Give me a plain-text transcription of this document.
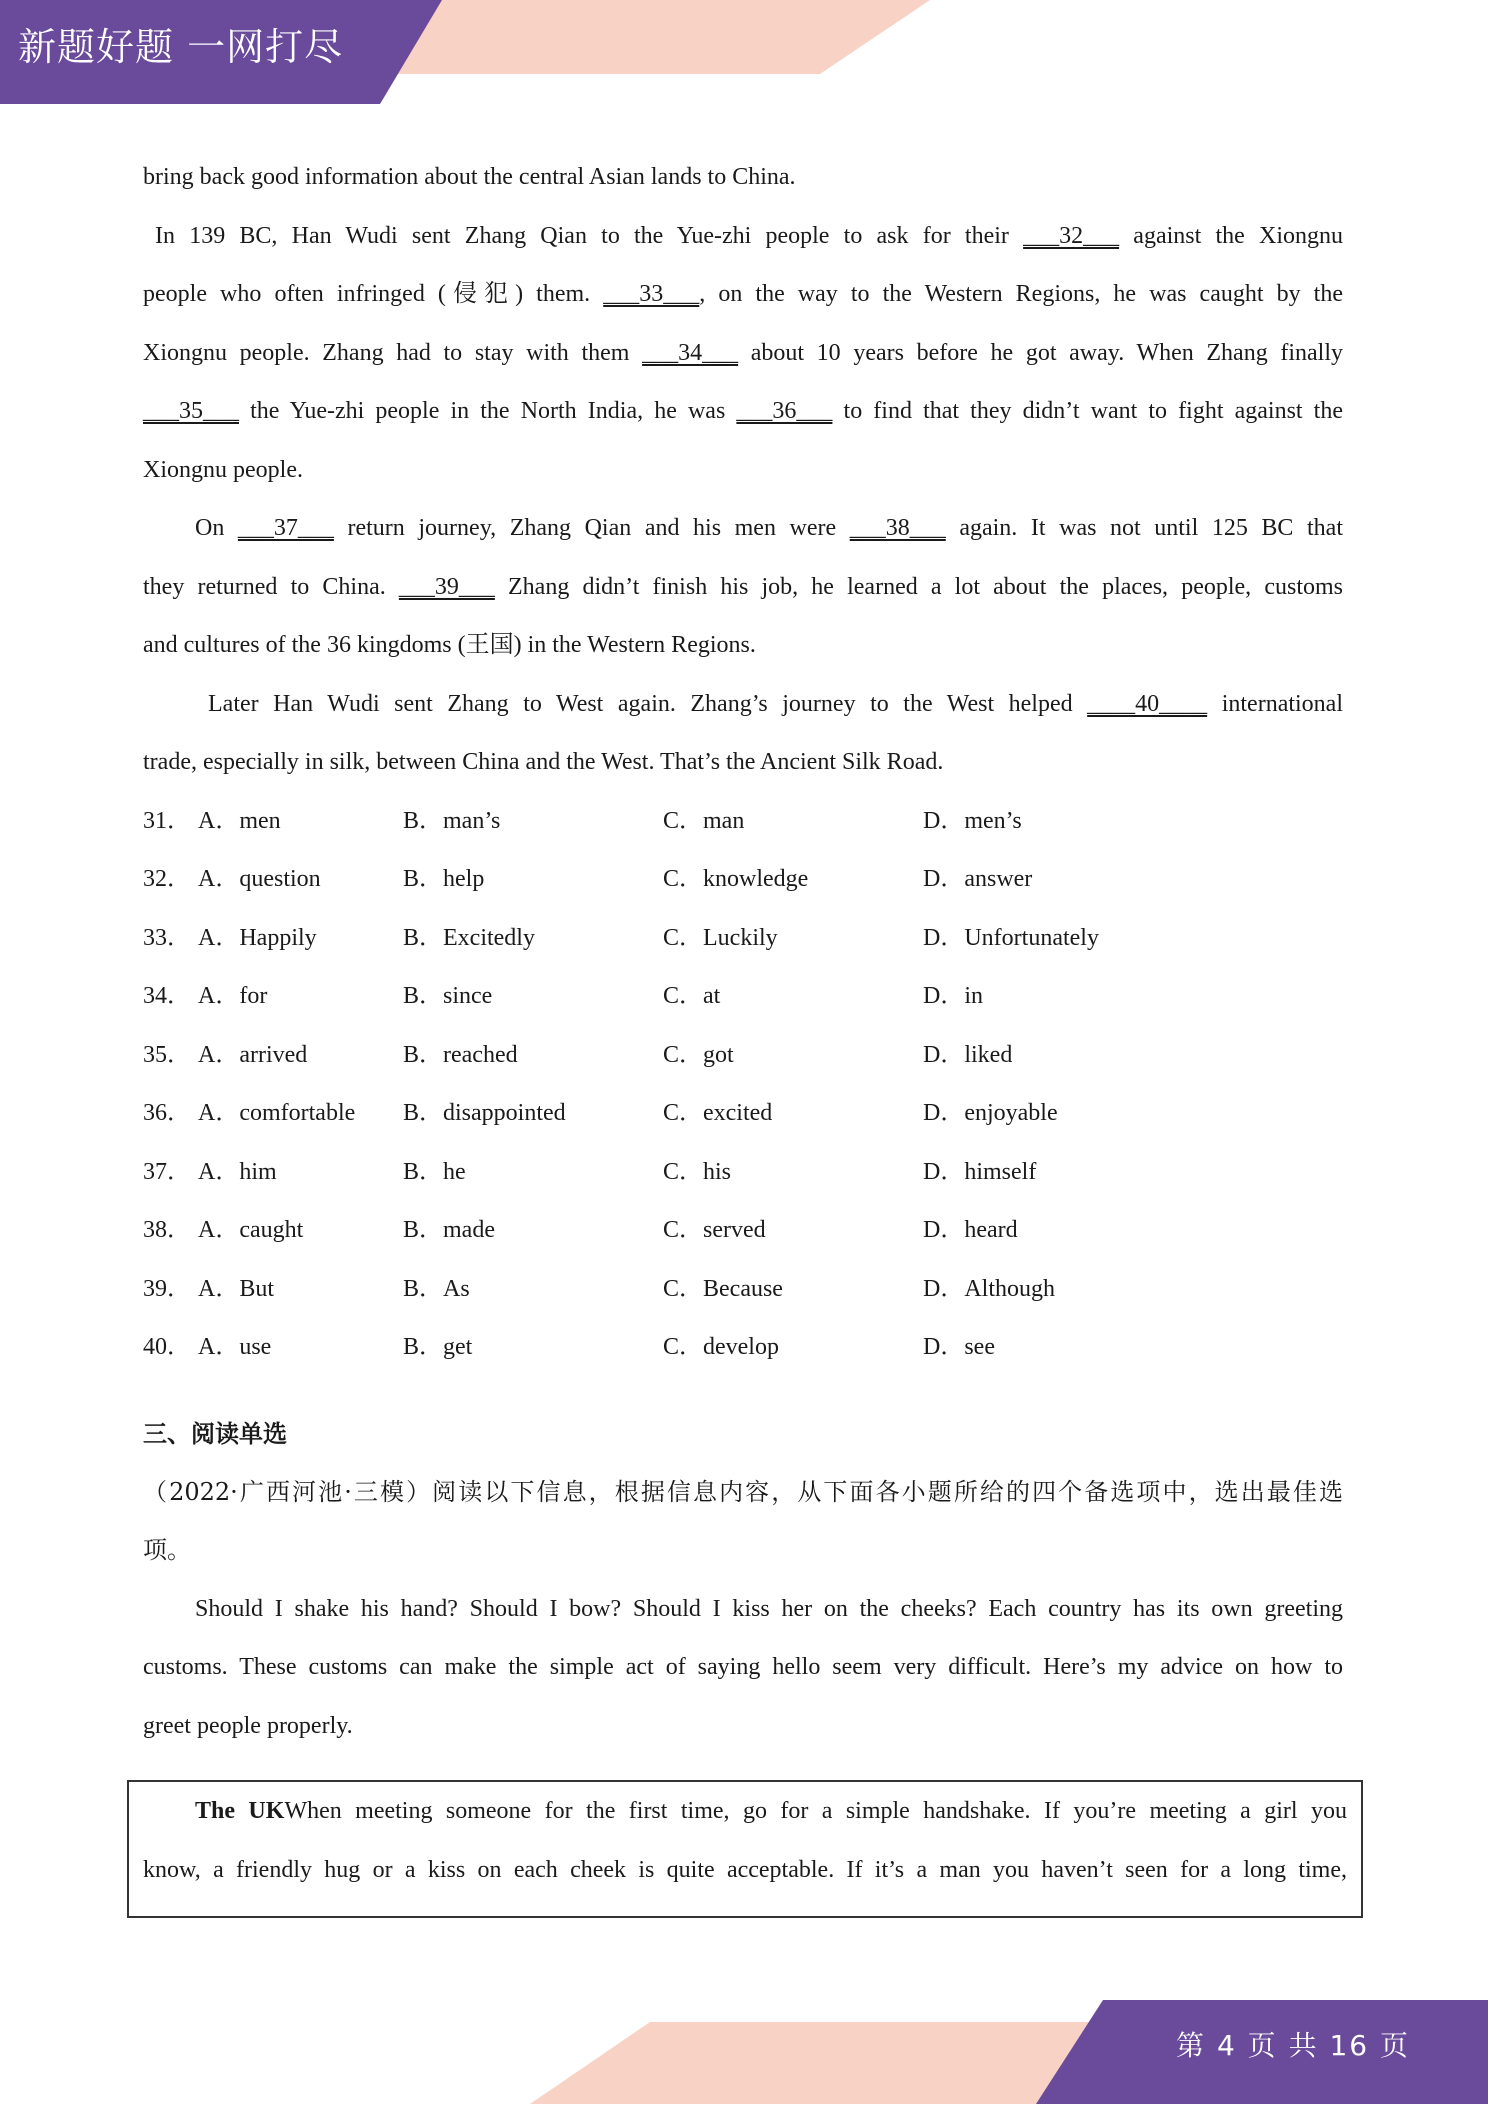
新题好题 一网打尽
bring back good information about the central Asian lands to China.
In 139 BC, Han Wudi sent Zhang Qian to the Yue-zhi people to ask for their ___32___ against the Xiongnu
people who often infringed (侵犯) them. ___33___, on the way to the Western Regions, he was caught by the
Xiongnu people. Zhang had to stay with them ___34___ about 10 years before he got away. When Zhang finally
___35___ the Yue-zhi people in the North India, he was ___36___ to find that they didn’t want to fight against the
Xiongnu people.
On ___37___ return journey, Zhang Qian and his men were ___38___ again. It was not until 125 BC that
they returned to China. ___39___ Zhang didn’t finish his job, he learned a lot about the places, people, customs
and cultures of the 36 kingdoms (王国) in the Western Regions.
Later Han Wudi sent Zhang to West again. Zhang’s journey to the West helped ____40____ international
trade, especially in silk, between China and the West. That’s the Ancient Silk Road.
31． A．men	B．man’s	C．man	D．men’s
32． A．question	B．help	C．knowledge	D．answer
33． A．Happily	B．Excitedly	C．Luckily	D．Unfortunately
34． A．for	B．since	C．at	D．in
35． A．arrived	B．reached	C．got	D．liked
36． A．comfortable B．disappointed	C．excited	D．enjoyable
37． A．him	B．he	C．his	D．himself
38． A．caught	B．made	C．served	D．heard
39． A．But	B．As	C．Because	D．Although
40． A．use	B．get	C．develop	D．see
三、阅读单选
（2022·广西河池·三模）阅读以下信息，根据信息内容，从下面各小题所给的四个备选项中，选出最佳选
项。
Should I shake his hand? Should I bow? Should I kiss her on the cheeks? Each country has its own greeting
customs. These customs can make the simple act of saying hello seem very difficult. Here’s my advice on how to
greet people properly.
The UKWhen meeting someone for the first time, go for a simple handshake. If you’re meeting a girl you
know, a friendly hug or a kiss on each cheek is quite acceptable. If it’s a man you haven’t seen for a long time,
第 4 页 共 16 页
